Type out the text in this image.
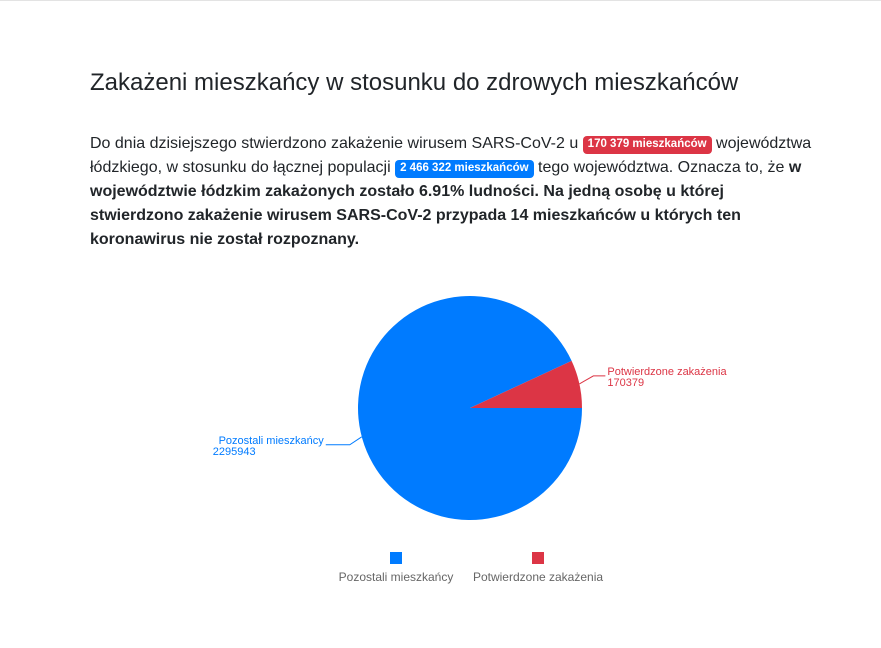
Zakażeni mieszkańcy w stosunku do zdrowych mieszkańców

Do dnia dzisiejszego stwierdzono zakażenie wirusem SARS-CoV-2 u 170 379 mieszkańców województwa łódzkiego, w stosunku do łącznej populacji 2 466 322 mieszkańców tego województwa. Oznacza to, że w województwie łódzkim zakażonych zostało 6.91% ludności. Na jedną osobę u której stwierdzono zakażenie wirusem SARS-CoV-2 przypada 14 mieszkańców u których ten koronawirus nie został rozpoznany.

Potwierdzone zakażenia
170379
Pozostali mieszkańcy
2295943
Pozostali mieszkańcy Potwierdzone zakażenia
